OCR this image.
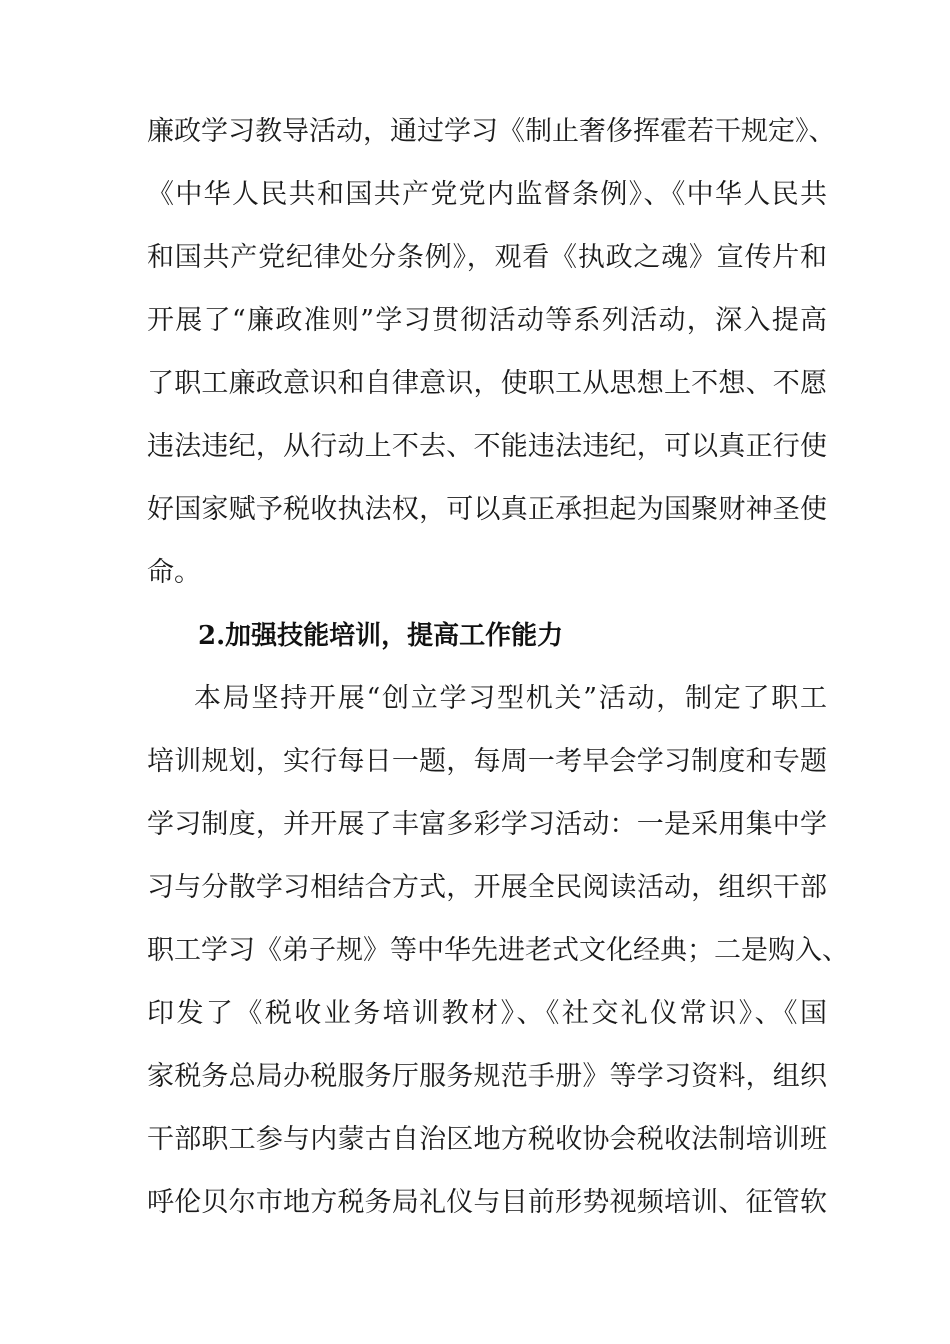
廉政学习教导活动，通过学习《制止奢侈挥霍若干规定》、
《中华人民共和国共产党党内监督条例》、《中华人民共
和国共产党纪律处分条例》，观看《执政之魂》宣传片和
开展了“廉政准则”学习贯彻活动等系列活动，深入提高
了职工廉政意识和自律意识，使职工从思想上不想、不愿
违法违纪，从行动上不去、不能违法违纪，可以真正行使
好国家赋予税收执法权，可以真正承担起为国聚财神圣使
命。
2.加强技能培训，提高工作能力
本局坚持开展“创立学习型机关”活动，制定了职工
培训规划，实行每日一题，每周一考早会学习制度和专题
学习制度，并开展了丰富多彩学习活动：一是采用集中学
习与分散学习相结合方式，开展全民阅读活动，组织干部
职工学习《弟子规》等中华先进老式文化经典；二是购入、
印发了《税收业务培训教材》、《社交礼仪常识》、《国
家税务总局办税服务厅服务规范手册》等学习资料，组织
干部职工参与内蒙古自治区地方税收协会税收法制培训班
呼伦贝尔市地方税务局礼仪与目前形势视频培训、征管软
